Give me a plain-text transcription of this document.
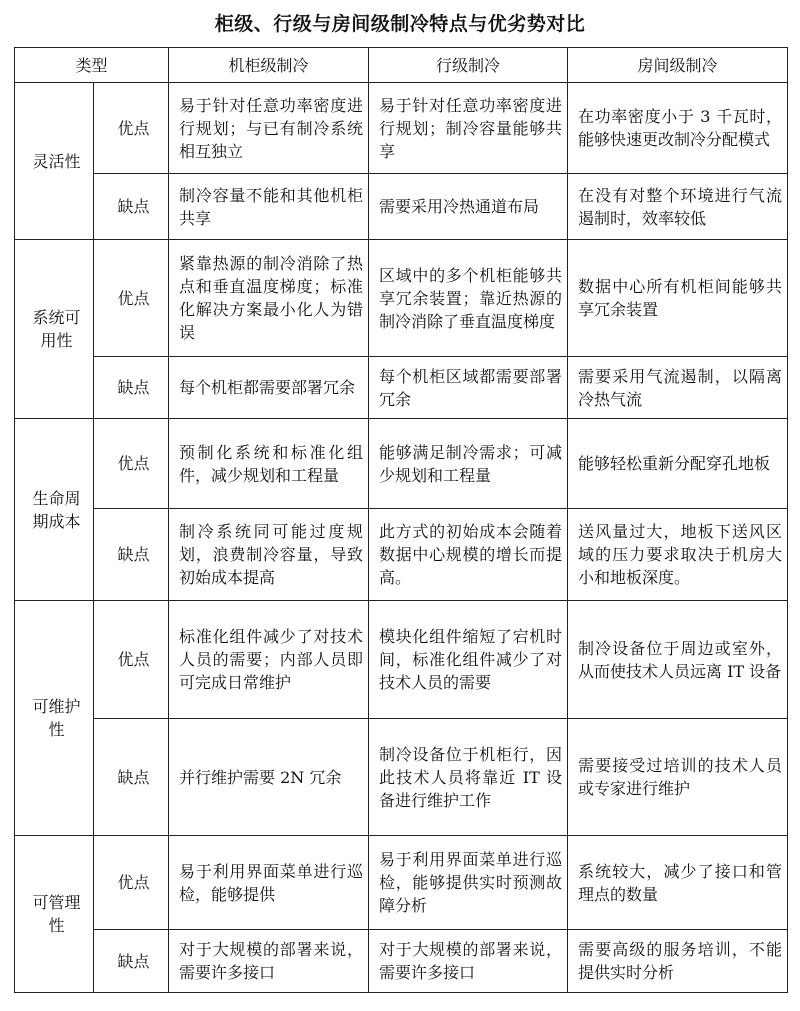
柜级、行级与房间级制冷特点与优劣势对比
类型		机柜级制冷	行级制冷	房间级制冷
灵活性	优点	易于针对任意功率密度进行规划；与已有制冷系统相互独立	易于针对任意功率密度进行规划；制冷容量能够共享	在功率密度小于 3 千瓦时，能够快速更改制冷分配模式
	缺点	制冷容量不能和其他机柜共享	需要采用冷热通道布局	在没有对整个环境进行气流遏制时，效率较低
系统可用性	优点	紧靠热源的制冷消除了热点和垂直温度梯度；标准化解决方案最小化人为错误	区域中的多个机柜能够共享冗余装置；靠近热源的制冷消除了垂直温度梯度	数据中心所有机柜间能够共享冗余装置
	缺点	每个机柜都需要部署冗余	每个机柜区域都需要部署冗余	需要采用气流遏制，以隔离冷热气流
生命周期成本	优点	预制化系统和标准化组件，减少规划和工程量	能够满足制冷需求；可减少规划和工程量	能够轻松重新分配穿孔地板
	缺点	制冷系统同可能过度规划，浪费制冷容量，导致初始成本提高	此方式的初始成本会随着数据中心规模的增长而提高。	送风量过大，地板下送风区域的压力要求取决于机房大小和地板深度。
可维护性	优点	标准化组件减少了对技术人员的需要；内部人员即可完成日常维护	模块化组件缩短了宕机时间，标准化组件减少了对技术人员的需要	制冷设备位于周边或室外，从而使技术人员远离 IT 设备
	缺点	并行维护需要 2N 冗余	制冷设备位于机柜行，因此技术人员将靠近 IT 设备进行维护工作	需要接受过培训的技术人员或专家进行维护
可管理性	优点	易于利用界面菜单进行巡检，能够提供	易于利用界面菜单进行巡检，能够提供实时预测故障分析	系统较大，减少了接口和管理点的数量
	缺点	对于大规模的部署来说，需要许多接口	对于大规模的部署来说，需要许多接口	需要高级的服务培训，不能提供实时分析
